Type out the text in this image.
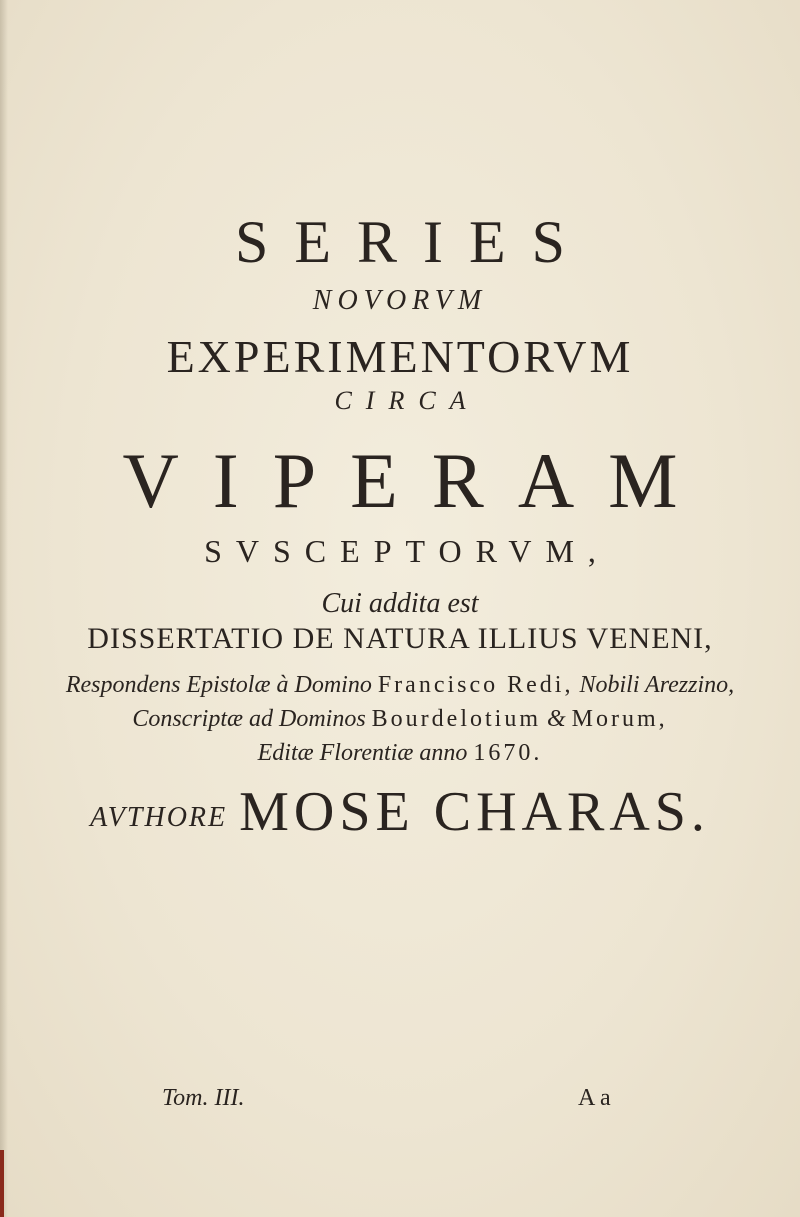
SERIES
NOVORVM
EXPERIMENTORVM
CIRCA
VIPERAM
SVSCEPTORVM,
Cui addita est
DISSERTATIO DE NATURA ILLIUS VENENI,
Respondens Epistolæ à Domino Francisco Redi, Nobili Arezzino,
Conscriptæ ad Dominos Bourdelotium & Morum,
Editæ Florentiæ anno 1670.
AVTHORE MOSE CHARAS.
Tom. III.	A a
